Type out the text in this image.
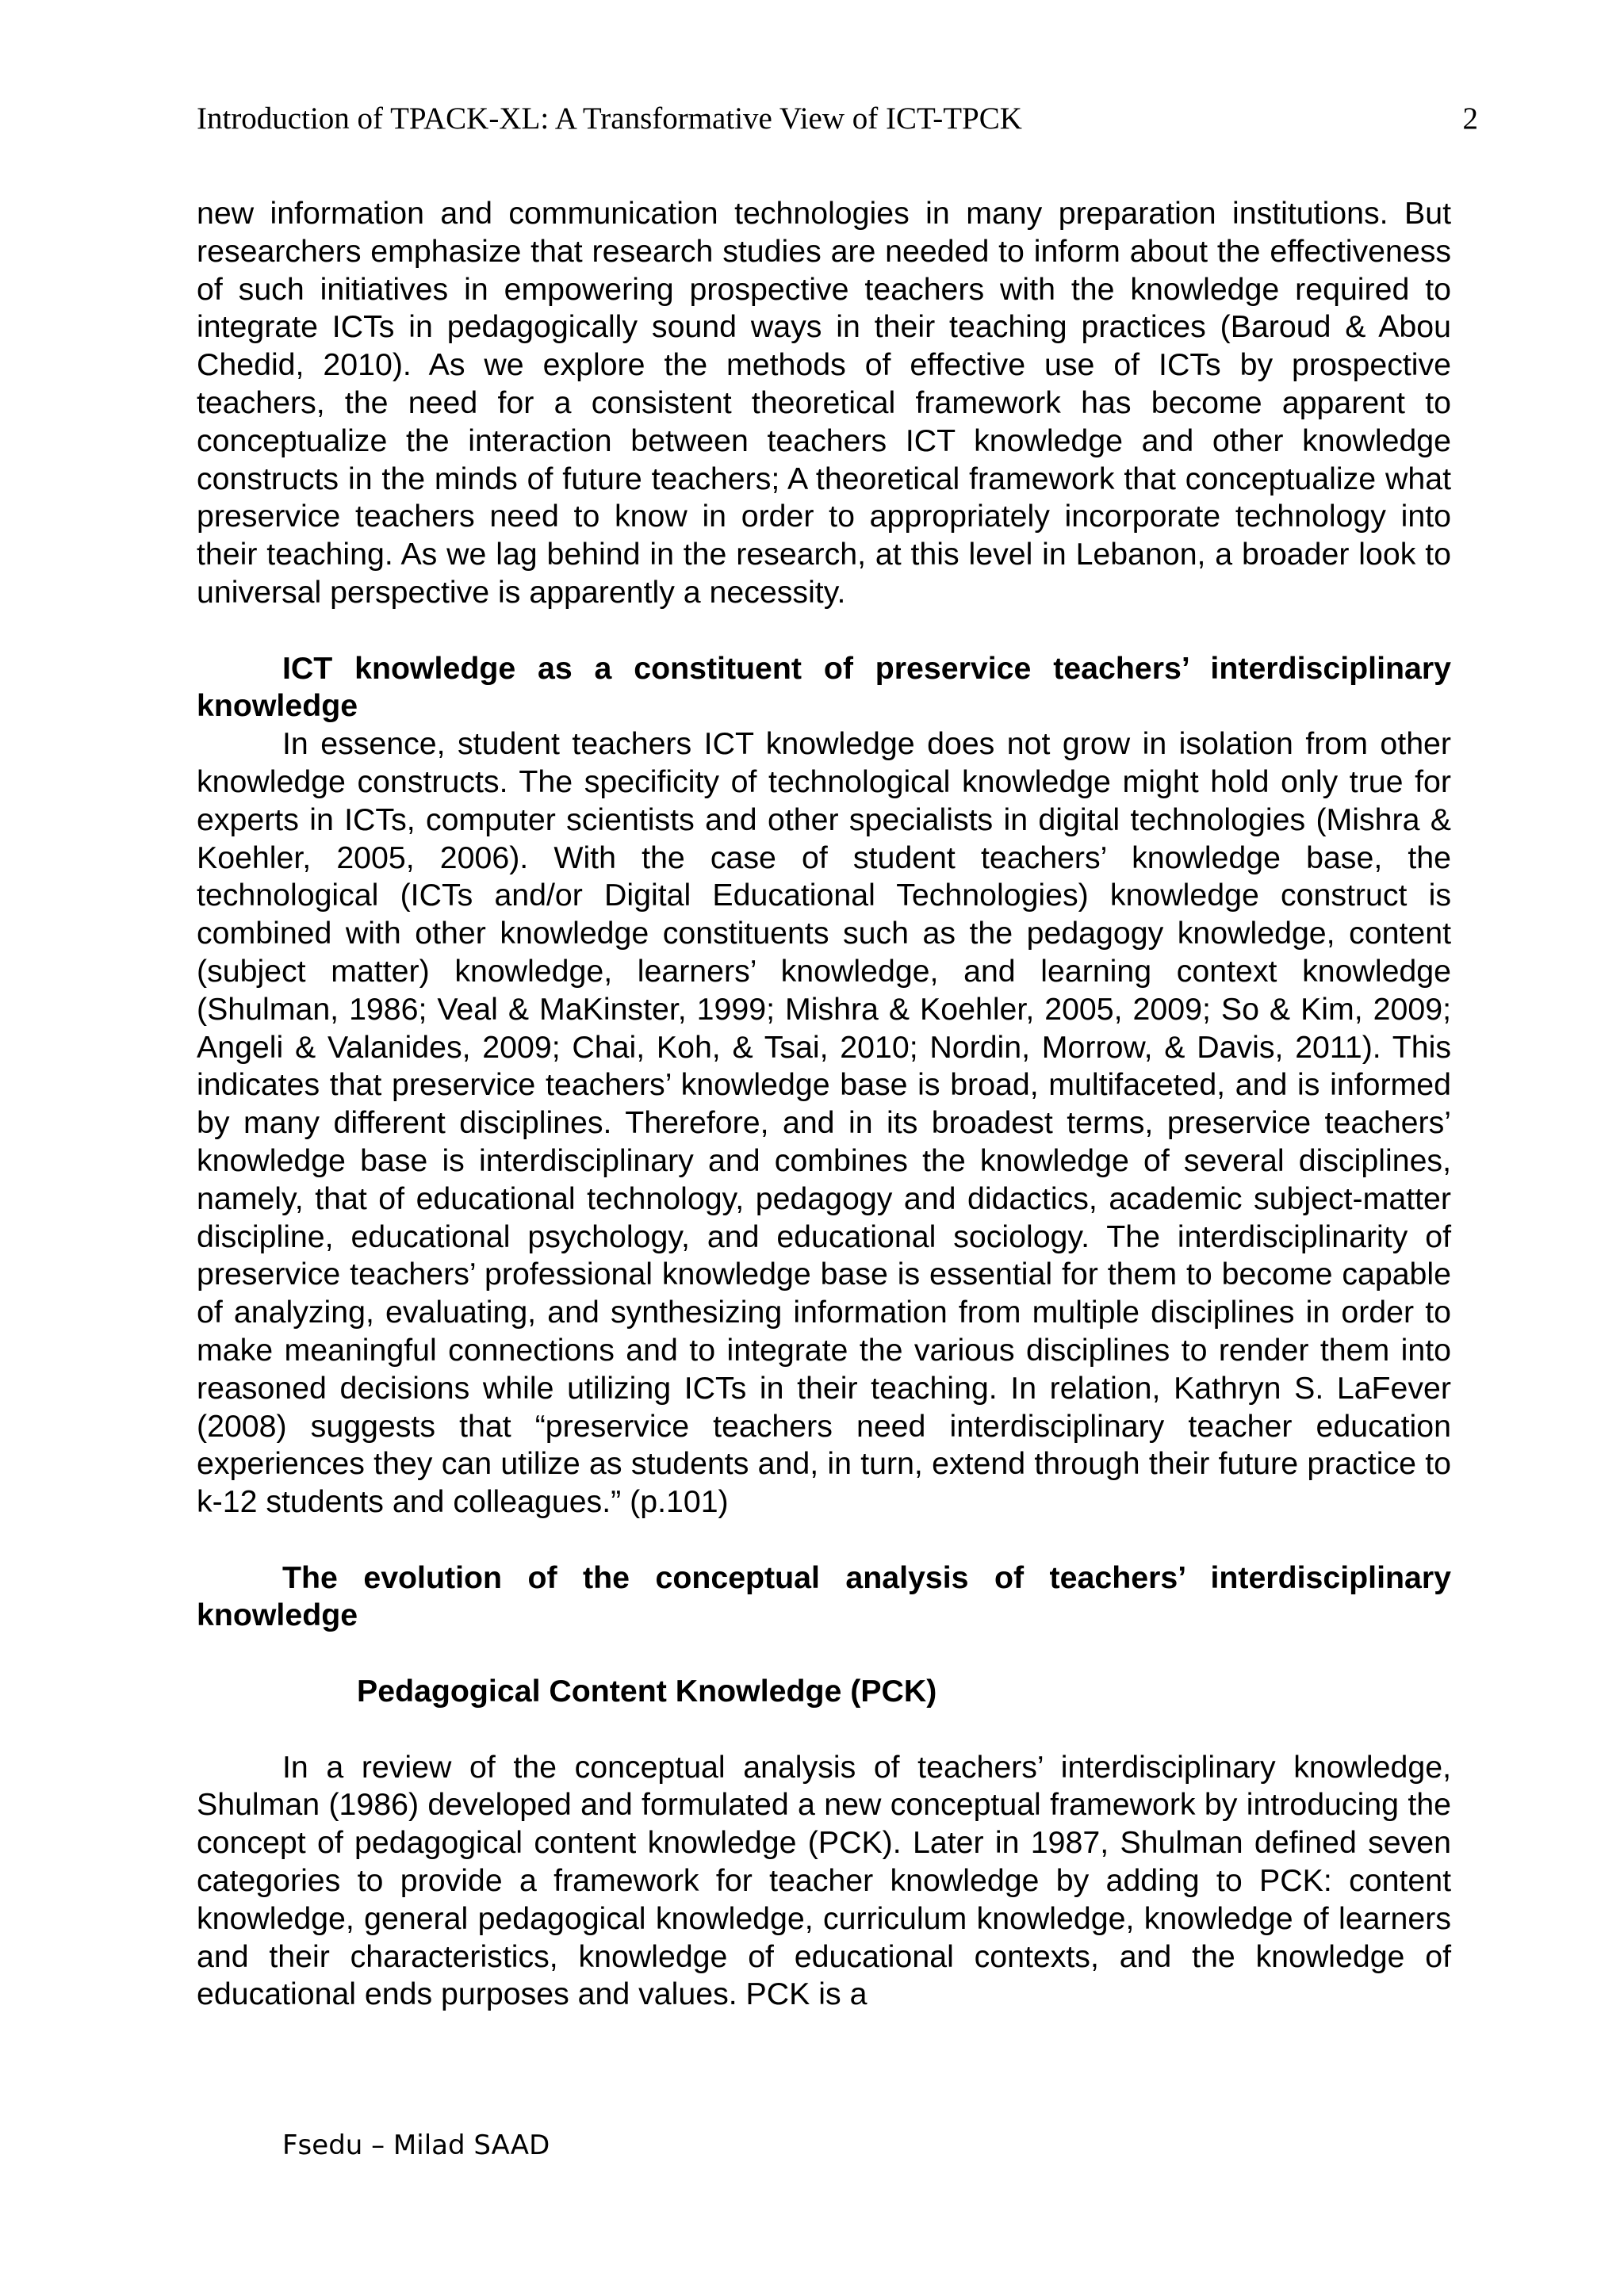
Introduction of TPACK-XL: A Transformative View of ICT-TPCK	2

new information and communication technologies in many preparation institutions. But researchers emphasize that research studies are needed to inform about the effectiveness of such initiatives in empowering prospective teachers with the knowledge required to integrate ICTs in pedagogically sound ways in their teaching practices (Baroud & Abou Chedid, 2010). As we explore the methods of effective use of ICTs by prospective teachers, the need for a consistent theoretical framework has become apparent to conceptualize the interaction between teachers ICT knowledge and other knowledge constructs in the minds of future teachers; A theoretical framework that conceptualize what preservice teachers need to know in order to appropriately incorporate technology into their teaching. As we lag behind in the research, at this level in Lebanon, a broader look to universal perspective is apparently a necessity.

ICT knowledge as a constituent of preservice teachers’ interdisciplinary knowledge

In essence, student teachers ICT knowledge does not grow in isolation from other knowledge constructs. The specificity of technological knowledge might hold only true for experts in ICTs, computer scientists and other specialists in digital technologies (Mishra & Koehler, 2005, 2006). With the case of student teachers’ knowledge base, the technological (ICTs and/or Digital Educational Technologies) knowledge construct is combined with other knowledge constituents such as the pedagogy knowledge, content (subject matter) knowledge, learners’ knowledge, and learning context knowledge (Shulman, 1986; Veal & MaKinster, 1999; Mishra & Koehler, 2005, 2009; So & Kim, 2009; Angeli & Valanides, 2009; Chai, Koh, & Tsai, 2010; Nordin, Morrow, & Davis, 2011). This indicates that preservice teachers’ knowledge base is broad, multifaceted, and is informed by many different disciplines. Therefore, and in its broadest terms, preservice teachers’ knowledge base is interdisciplinary and combines the knowledge of several disciplines, namely, that of educational technology, pedagogy and didactics, academic subject-matter discipline, educational psychology, and educational sociology. The interdisciplinarity of preservice teachers’ professional knowledge base is essential for them to become capable of analyzing, evaluating, and synthesizing information from multiple disciplines in order to make meaningful connections and to integrate the various disciplines to render them into reasoned decisions while utilizing ICTs in their teaching. In relation, Kathryn S. LaFever (2008) suggests that “preservice teachers need interdisciplinary teacher education experiences they can utilize as students and, in turn, extend through their future practice to k-12 students and colleagues.” (p.101)

The evolution of the conceptual analysis of teachers’ interdisciplinary knowledge

Pedagogical Content Knowledge (PCK)

In a review of the conceptual analysis of teachers’ interdisciplinary knowledge, Shulman (1986) developed and formulated a new conceptual framework by introducing the concept of pedagogical content knowledge (PCK). Later in 1987, Shulman defined seven categories to provide a framework for teacher knowledge by adding to PCK: content knowledge, general pedagogical knowledge, curriculum knowledge, knowledge of learners and their characteristics, knowledge of educational contexts, and the knowledge of educational ends purposes and values. PCK is a

Fsedu – Milad SAAD
